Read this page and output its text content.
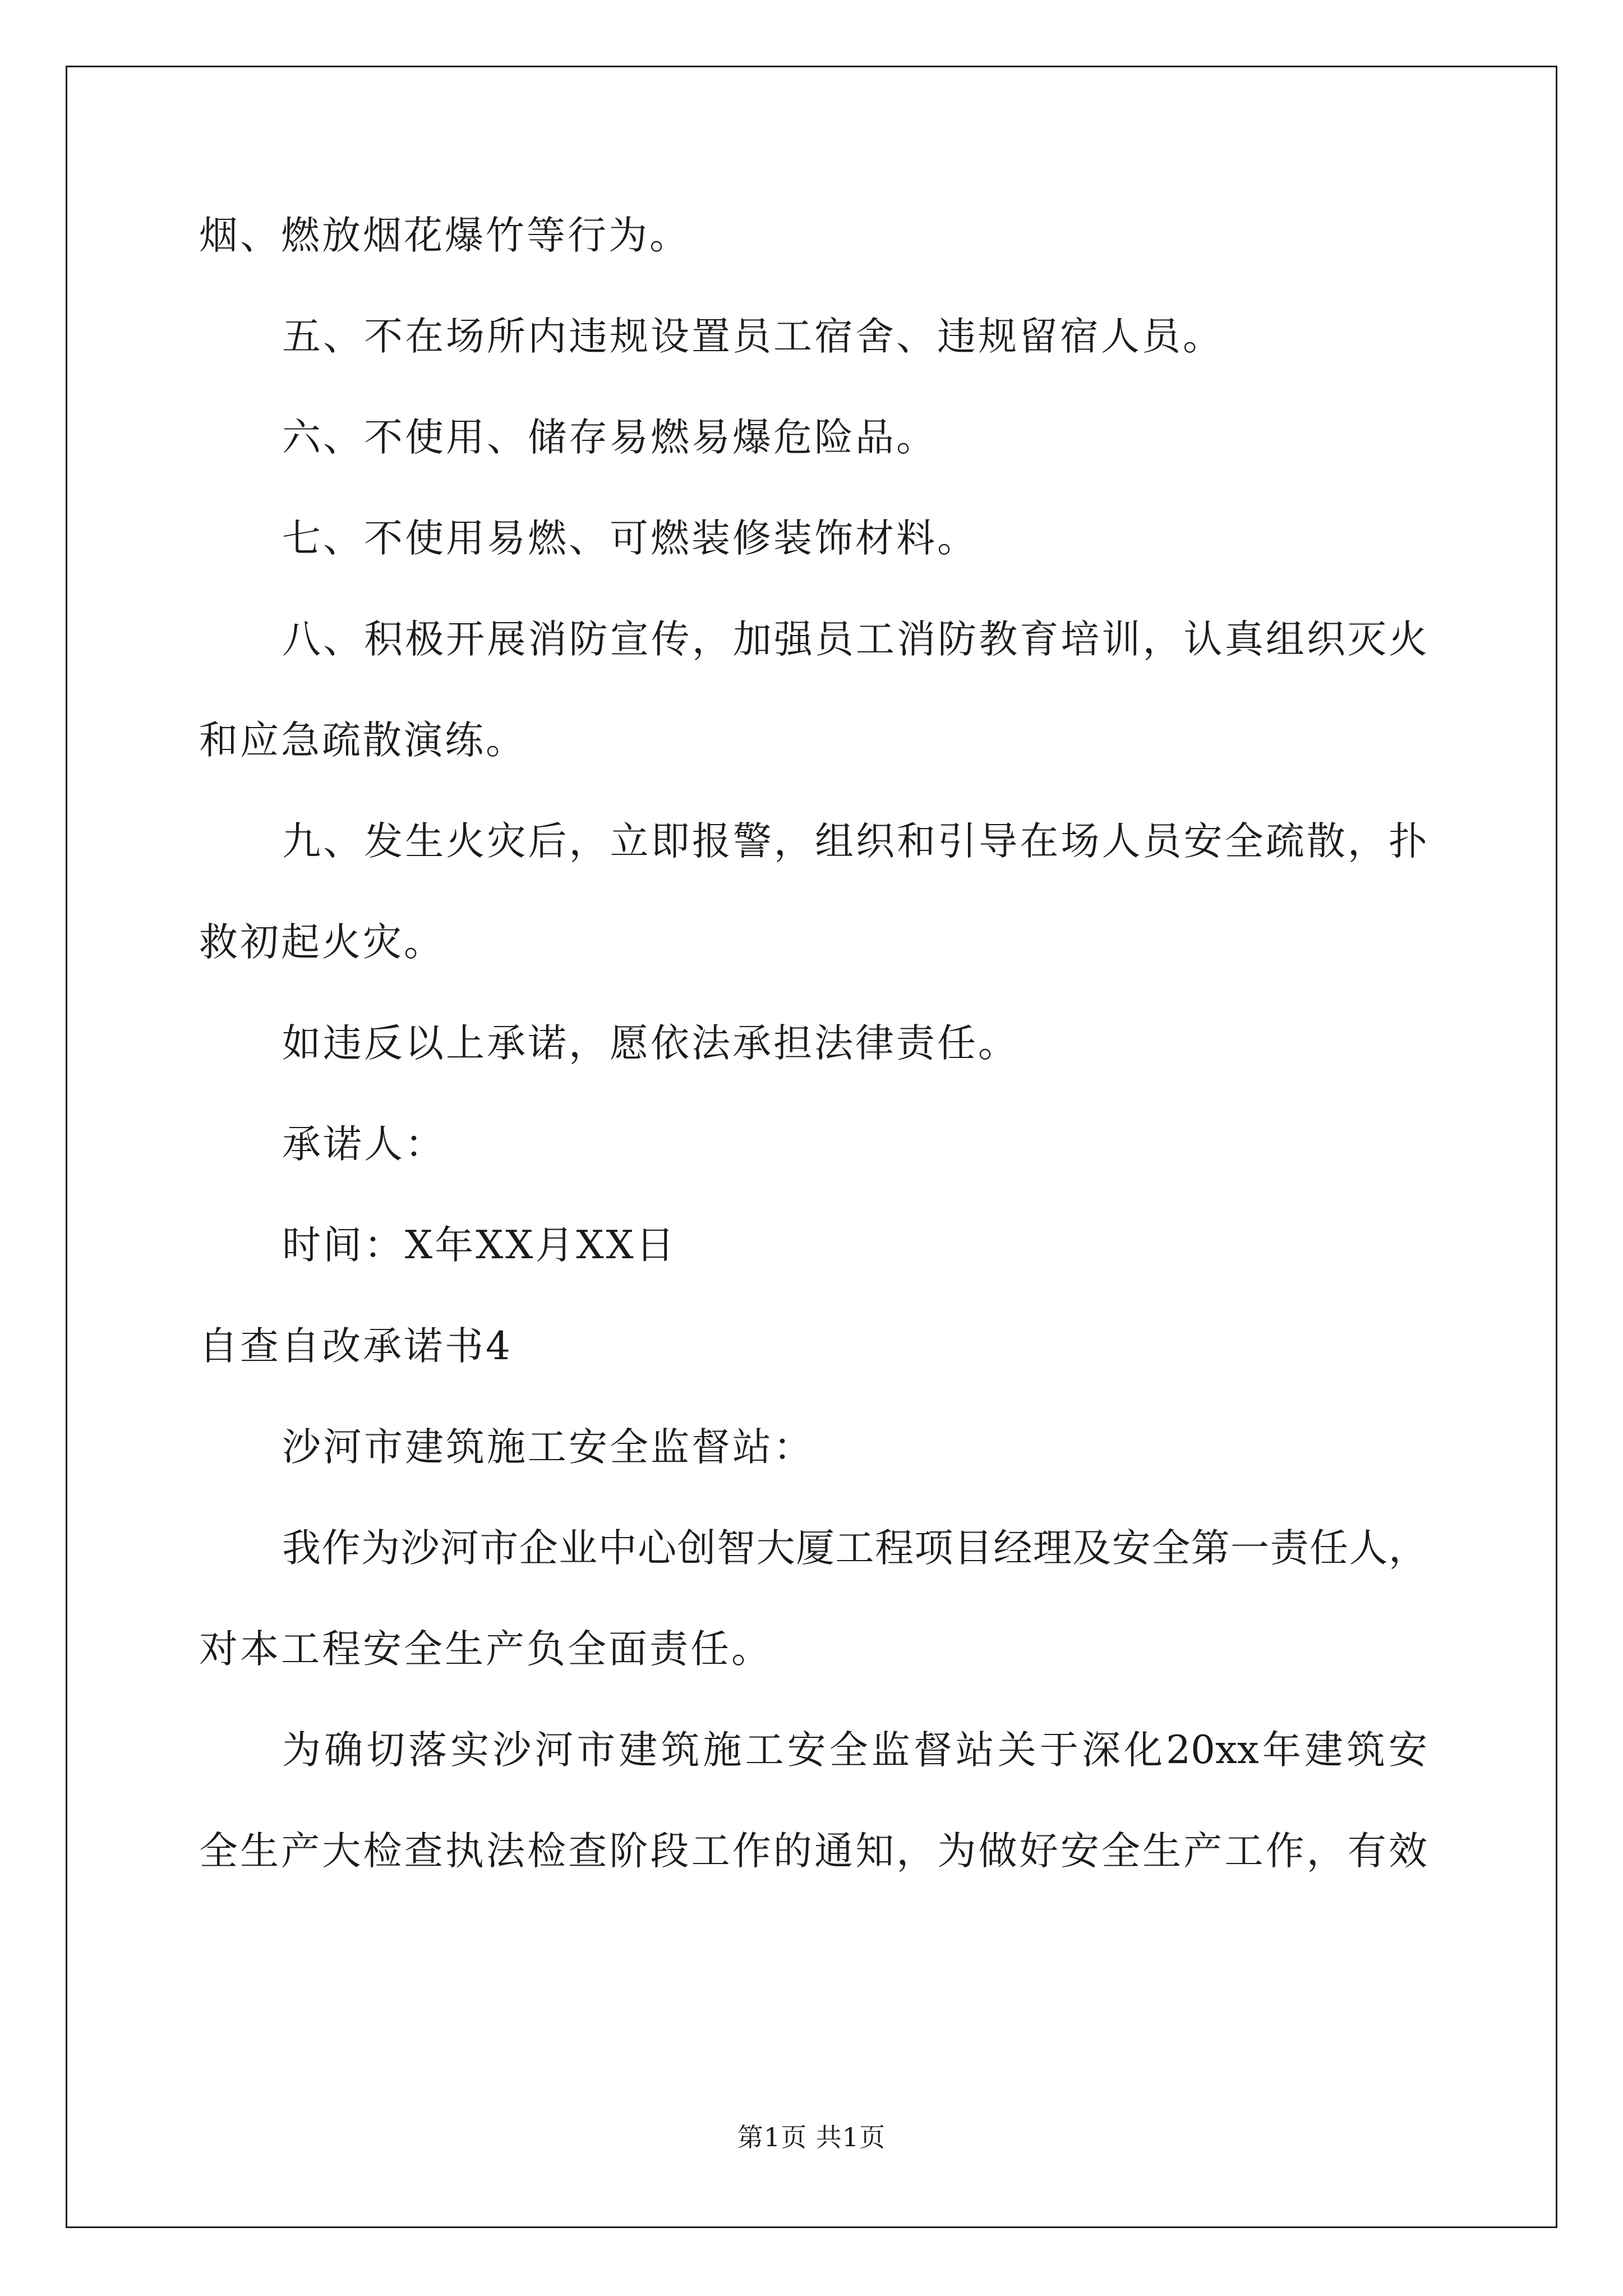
烟、燃放烟花爆竹等行为。
五、不在场所内违规设置员工宿舍、违规留宿人员。
六、不使用、储存易燃易爆危险品。
七、不使用易燃、可燃装修装饰材料。
八、积极开展消防宣传，加强员工消防教育培训，认真组织灭火
和应急疏散演练。
九、发生火灾后，立即报警，组织和引导在场人员安全疏散，扑
救初起火灾。
如违反以上承诺，愿依法承担法律责任。
承诺人：
时间：X年XX月XX日
自查自改承诺书4
沙河市建筑施工安全监督站：
我作为沙河市企业中心创智大厦工程项目经理及安全第一责任人，
对本工程安全生产负全面责任。
为确切落实沙河市建筑施工安全监督站关于深化20xx年建筑安
全生产大检查执法检查阶段工作的通知，为做好安全生产工作，有效
第1页 共1页
